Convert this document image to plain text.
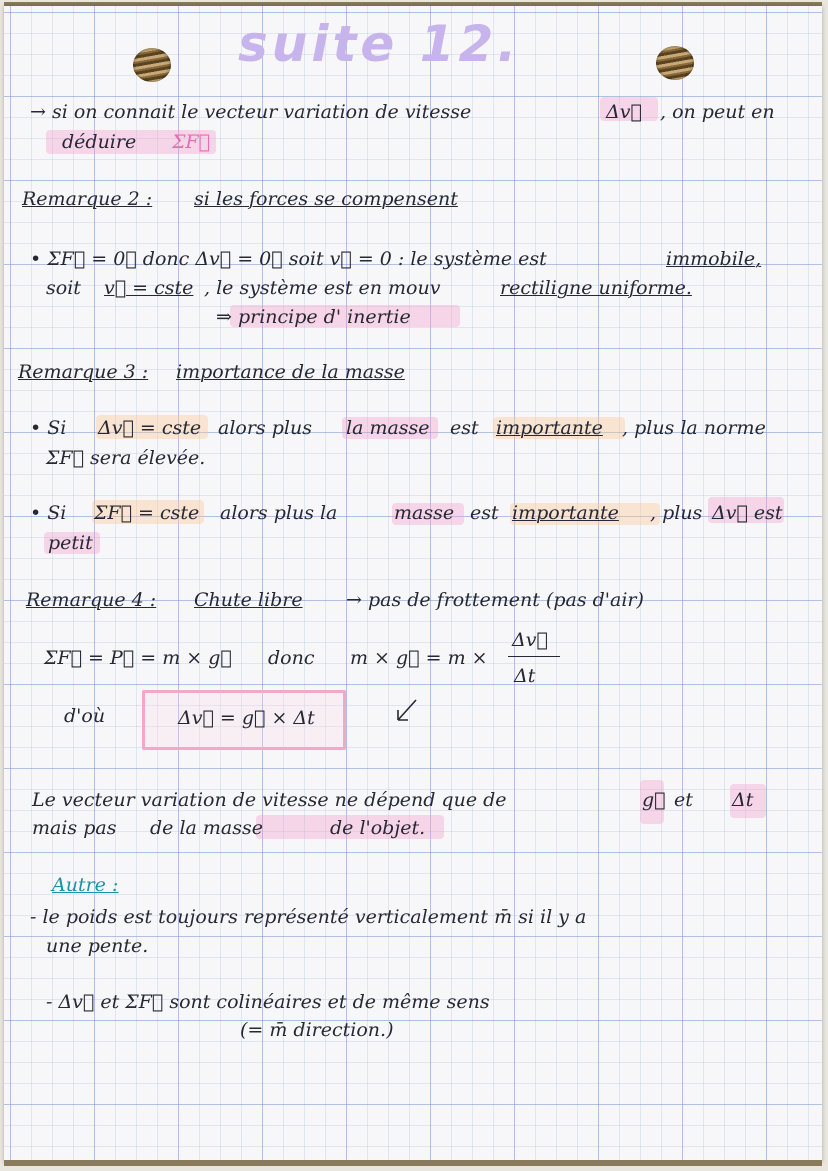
suite 12.
→ si on connait le vecteur variation de vitesse	Δv⃗ , on peut en
déduire ΣF⃗
Remarque 2 : si les forces se compensent
• ΣF⃗ = 0⃗ donc Δv⃗ = 0⃗ soit v⃗ = 0 : le système est	immobile,
soit v⃗ = cste , le système est en mouv	rectiligne uniforme.
⇒ principe d' inertie
Remarque 3 : importance de la masse
• Si Δv⃗ = cste alors plus la masse est importante , plus la norme
ΣF⃗ sera élevée.
• Si ΣF⃗ = cste alors plus la	masse est importante , plus Δv⃗ est
petit
Remarque 4 : Chute libre → pas de frottement (pas d'air)
ΣF⃗ = P⃗ = m × g⃗ donc m × g⃗ = m ×
Δv⃗
Δt
d'où	Δv⃗ = g⃗ × Δt
Le vecteur variation de vitesse ne dépend que de	g⃗ et Δt
mais pas de la masse	de l'objet.
Autre :
- le poids est toujours représenté verticalement m̄ si il y a
une pente.
- Δv⃗ et ΣF⃗ sont colinéaires et de même sens
(= m̄ direction.)
